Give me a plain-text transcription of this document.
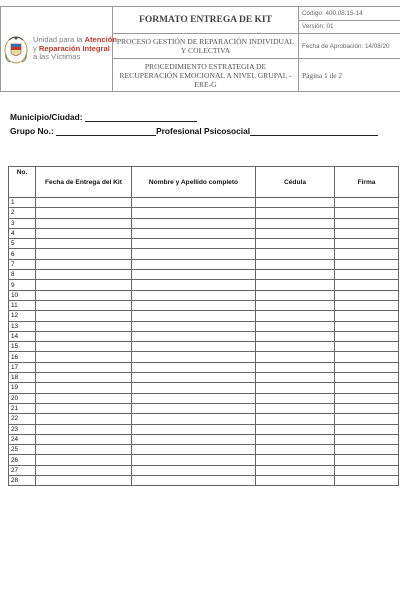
Unidad para la Atención
y Reparación Integral
a las Víctimas	FORMATO ENTREGA DE KIT	Código: 400.08.15-14
		Versión: 01
	PROCESO GESTIÓN DE REPARACIÓN INDIVIDUAL Y COLECTIVA	Fecha de Aprobación: 14/08/20
	PROCEDIMIENTO ESTRATEGIA DE RECUPERACIÓN EMOCIONAL A NIVEL GRUPAL -ERE-G	Página 1 de 2
Municipio/Ciudad:
Grupo No.:	Profesional Psicosocial
No.	Fecha de Entrega del Kit	Nombre y Apellido completo	Cédula	Firma
1				
2				
3				
4				
5				
6				
7				
8				
9				
10				
11				
12				
13				
14				
15				
16				
17				
18				
19				
20				
21				
22				
23				
24				
25				
26				
27				
28				
